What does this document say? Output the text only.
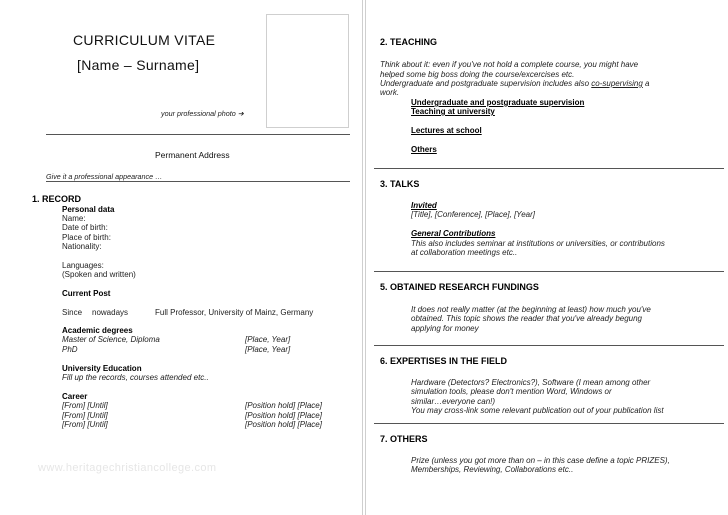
CURRICULUM VITAE
[Name – Surname]
your professional photo ➔
Permanent Address
Give it a professional appearance …
1. RECORD
Personal data
Name:
Date of birth:
Place of birth:
Nationality:
Languages:
(Spoken and written)
Current Post
Since nowadays	Full Professor, University of Mainz, Germany
Academic degrees
Master of Science, Diploma	[Place, Year]
PhD	[Place, Year]
University Education
Fill up the records, courses attended etc..
Career
[From] [Until]	[Position hold] [Place]
[From] [Until]	[Position hold] [Place]
[From] [Until]	[Position hold] [Place]
www.heritagechristiancollege.com
2. TEACHING
Think about it: even if you've not hold a complete course, you might have
helped some big boss doing the course/excercises etc.
Undergraduate and postgraduate supervision includes also co-supervising a
work.
Undergraduate and postgraduate supervision
Teaching at university
Lectures at school
Others
3. TALKS
Invited
[Title], [Conference], [Place], [Year]
General Contributions
This also includes seminar at institutions or universities, or contributions
at collaboration meetings etc..
5. OBTAINED RESEARCH FUNDINGS
It does not really matter (at the beginning at least) how much you've
obtained. This topic shows the reader that you've already begung
applying for money
6. EXPERTISES IN THE FIELD
Hardware (Detectors? Electronics?), Software (I mean among other
simulation tools, please don't mention Word, Windows or
similar…everyone can!)
You may cross-link some relevant publication out of your publication list
7. OTHERS
Prize (unless you got more than on – in this case define a topic PRIZES),
Memberships, Reviewing, Collaborations etc..
